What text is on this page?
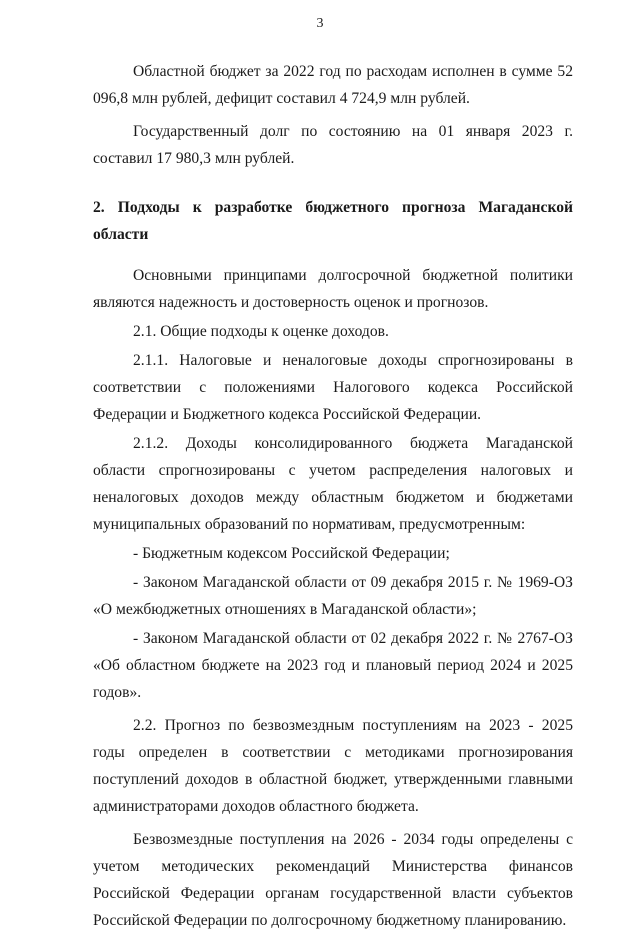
3

Областной бюджет за 2022 год по расходам исполнен в сумме 52 096,8 млн рублей, дефицит составил 4 724,9 млн рублей.

Государственный долг по состоянию на 01 января 2023 г. составил 17 980,3 млн рублей.

2. Подходы к разработке бюджетного прогноза Магаданской области

Основными принципами долгосрочной бюджетной политики являются надежность и достоверность оценок и прогнозов.

2.1. Общие подходы к оценке доходов.

2.1.1. Налоговые и неналоговые доходы спрогнозированы в соответствии с положениями Налогового кодекса Российской Федерации и Бюджетного кодекса Российской Федерации.

2.1.2. Доходы консолидированного бюджета Магаданской области спрогнозированы с учетом распределения налоговых и неналоговых доходов между областным бюджетом и бюджетами муниципальных образований по нормативам, предусмотренным:

- Бюджетным кодексом Российской Федерации;

- Законом Магаданской области от 09 декабря 2015 г. № 1969-ОЗ «О межбюджетных отношениях в Магаданской области»;

- Законом Магаданской области от 02 декабря 2022 г. № 2767-ОЗ «Об областном бюджете на 2023 год и плановый период 2024 и 2025 годов».

2.2. Прогноз по безвозмездным поступлениям на 2023 - 2025 годы определен в соответствии с методиками прогнозирования поступлений доходов в областной бюджет, утвержденными главными администраторами доходов областного бюджета.

Безвозмездные поступления на 2026 - 2034 годы определены с учетом методических рекомендаций Министерства финансов Российской Федерации органам государственной власти субъектов Российской Федерации по долгосрочному бюджетному планированию.
